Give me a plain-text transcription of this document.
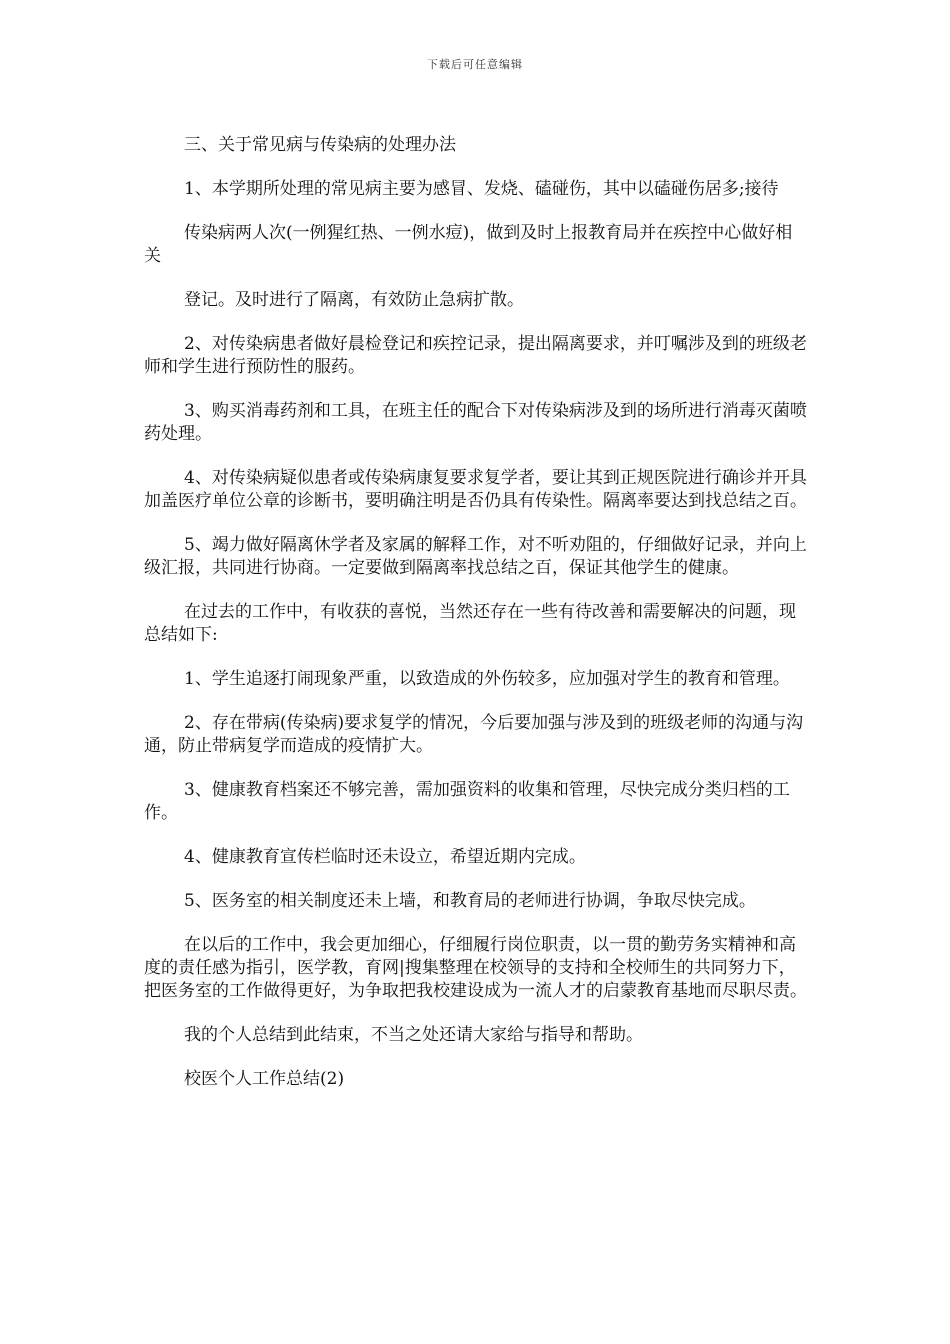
下载后可任意编辑

三、关于常见病与传染病的处理办法

1、本学期所处理的常见病主要为感冒、发烧、磕碰伤，其中以磕碰伤居多;接待

传染病两人次(一例猩红热、一例水痘)，做到及时上报教育局并在疾控中心做好相关

登记。及时进行了隔离，有效防止急病扩散。

2、对传染病患者做好晨检登记和疾控记录，提出隔离要求，并叮嘱涉及到的班级老师和学生进行预防性的服药。

3、购买消毒药剂和工具，在班主任的配合下对传染病涉及到的场所进行消毒灭菌喷药处理。

4、对传染病疑似患者或传染病康复要求复学者，要让其到正规医院进行确诊并开具加盖医疗单位公章的诊断书，要明确注明是否仍具有传染性。隔离率要达到找总结之百。

5、竭力做好隔离休学者及家属的解释工作，对不听劝阻的，仔细做好记录，并向上级汇报，共同进行协商。一定要做到隔离率找总结之百，保证其他学生的健康。

在过去的工作中，有收获的喜悦，当然还存在一些有待改善和需要解决的问题，现总结如下:

1、学生追逐打闹现象严重，以致造成的外伤较多，应加强对学生的教育和管理。

2、存在带病(传染病)要求复学的情况，今后要加强与涉及到的班级老师的沟通与沟通，防止带病复学而造成的疫情扩大。

3、健康教育档案还不够完善，需加强资料的收集和管理，尽快完成分类归档的工作。

4、健康教育宣传栏临时还未设立，希望近期内完成。

5、医务室的相关制度还未上墙，和教育局的老师进行协调，争取尽快完成。

在以后的工作中，我会更加细心，仔细履行岗位职责，以一贯的勤劳务实精神和高度的责任感为指引，医学教，育网|搜集整理在校领导的支持和全校师生的共同努力下，把医务室的工作做得更好，为争取把我校建设成为一流人才的启蒙教育基地而尽职尽责。

我的个人总结到此结束，不当之处还请大家给与指导和帮助。

校医个人工作总结(2)
